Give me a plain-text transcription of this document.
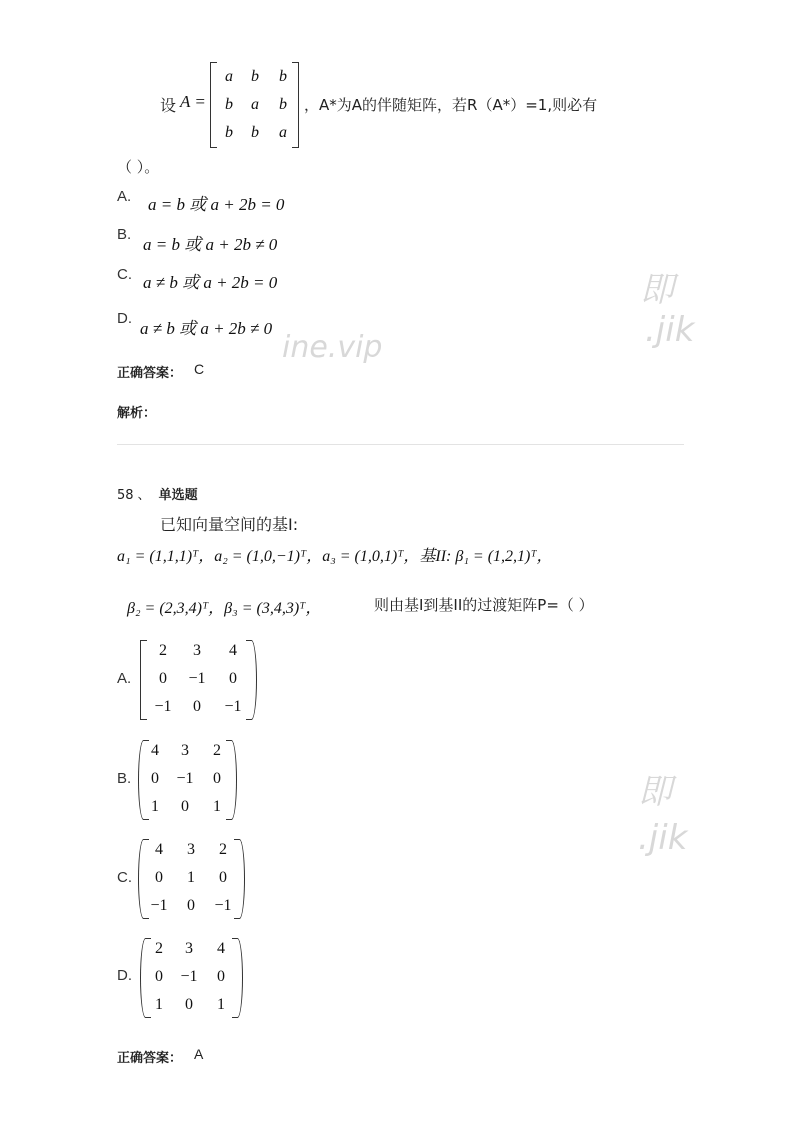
即
.jik
ine.vip
即
.jik
设 A =
a	b	b
b	a	b
b	b	a
，A*为A的伴随矩阵，若R（A*）=1,则必有
（ ）。
A. a = b 或 a + 2b = 0
B.
a = b 或 a + 2b ≠ 0
C. a ≠ b 或 a + 2b = 0
D.
a ≠ b 或 a + 2b ≠ 0
正确答案： C
解析：
58 、 单选题
已知向量空间的基I:
a₁ = (1,1,1)ᵀ，a₂ = (1,0,−1)ᵀ，a₃ = (1,0,1)ᵀ，基II: β₁ = (1,2,1)ᵀ，
β₂ = (2,3,4)ᵀ，β₃ = (3,4,3)ᵀ，	则由基I到基II的过渡矩阵P=（ ）
A.
2	3	4
0	−1	0
−1	0	−1
B.
4	3	2
0	−1	0
1	0	1
C.
4	3	2
0	1	0
−1	0	−1
D.
2	3	4
0	−1	0
1	0	1
正确答案： A
